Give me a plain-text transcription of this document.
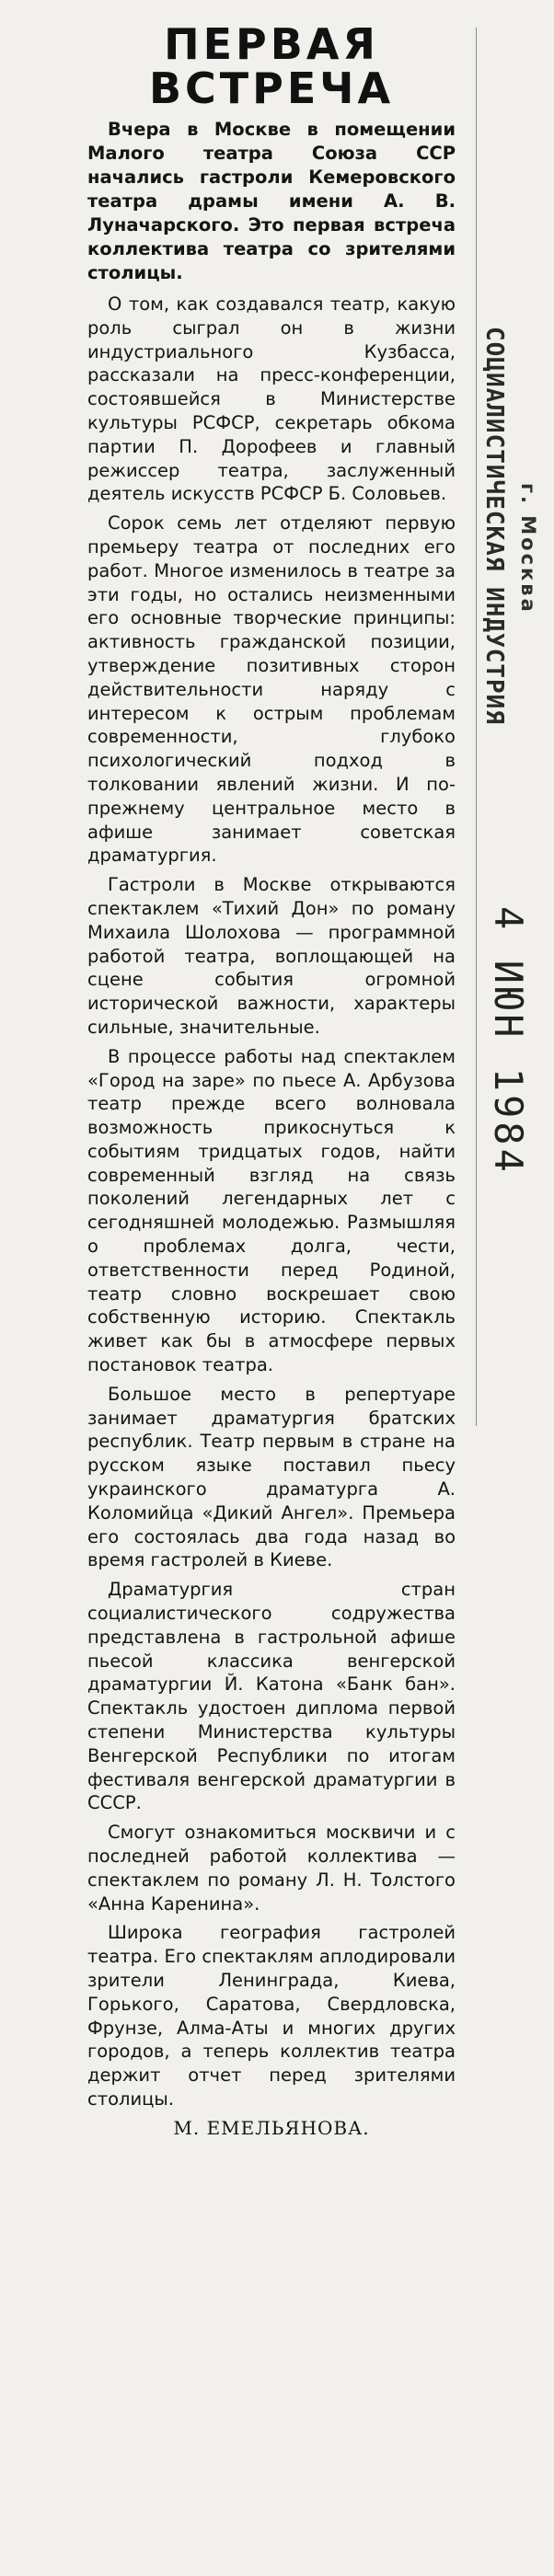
ПЕРВАЯ
ВСТРЕЧА

Вчера в Москве в помещении Малого театра Союза ССР начались гастроли Кемеровского театра драмы имени А. В. Луначарского. Это первая встреча коллектива театра со зрителями столицы.

О том, как создавался театр, какую роль сыграл он в жизни индустриального Кузбасса, рассказали на пресс-конференции, состоявшейся в Министерстве культуры РСФСР, секретарь обкома партии П. Дорофеев и главный режиссер театра, заслуженный деятель искусств РСФСР Б. Соловьев.

Сорок семь лет отделяют первую премьеру театра от последних его работ. Многое изменилось в театре за эти годы, но остались неизменными его основные творческие принципы: активность гражданской позиции, утверждение позитивных сторон действительности наряду с интересом к острым проблемам современности, глубоко психологический подход в толковании явлений жизни. И по-прежнему центральное место в афише занимает советская драматургия.

Гастроли в Москве открываются спектаклем «Тихий Дон» по роману Михаила Шолохова — программной работой театра, воплощающей на сцене события огромной исторической важности, характеры сильные, значительные.

В процессе работы над спектаклем «Город на заре» по пьесе А. Арбузова театр прежде всего волновала возможность прикоснуться к событиям тридцатых годов, найти современный взгляд на связь поколений легендарных лет с сегодняшней молодежью. Размышляя о проблемах долга, чести, ответственности перед Родиной, театр словно воскрешает свою собственную историю. Спектакль живет как бы в атмосфере первых постановок театра.

Большое место в репертуаре занимает драматургия братских республик. Театр первым в стране на русском языке поставил пьесу украинского драматурга А. Коломийца «Дикий Ангел». Премьера его состоялась два года назад во время гастролей в Киеве.

Драматургия стран социалистического содружества представлена в гастрольной афише пьесой классика венгерской драматургии Й. Катона «Банк бан». Спектакль удостоен диплома первой степени Министерства культуры Венгерской Республики по итогам фестиваля венгерской драматургии в СССР.

Смогут ознакомиться москвичи и с последней работой коллектива — спектаклем по роману Л. Н. Толстого «Анна Каренина».

Широка география гастролей театра. Его спектаклям аплодировали зрители Ленинграда, Киева, Горького, Саратова, Свердловска, Фрунзе, Алма-Аты и многих других городов, а теперь коллектив театра держит отчет перед зрителями столицы.

М. ЕМЕЛЬЯНОВА.

СОЦИАЛИСТИЧЕСКАЯ ИНДУСТРИЯ г. Москва
4 ИЮН 1984
